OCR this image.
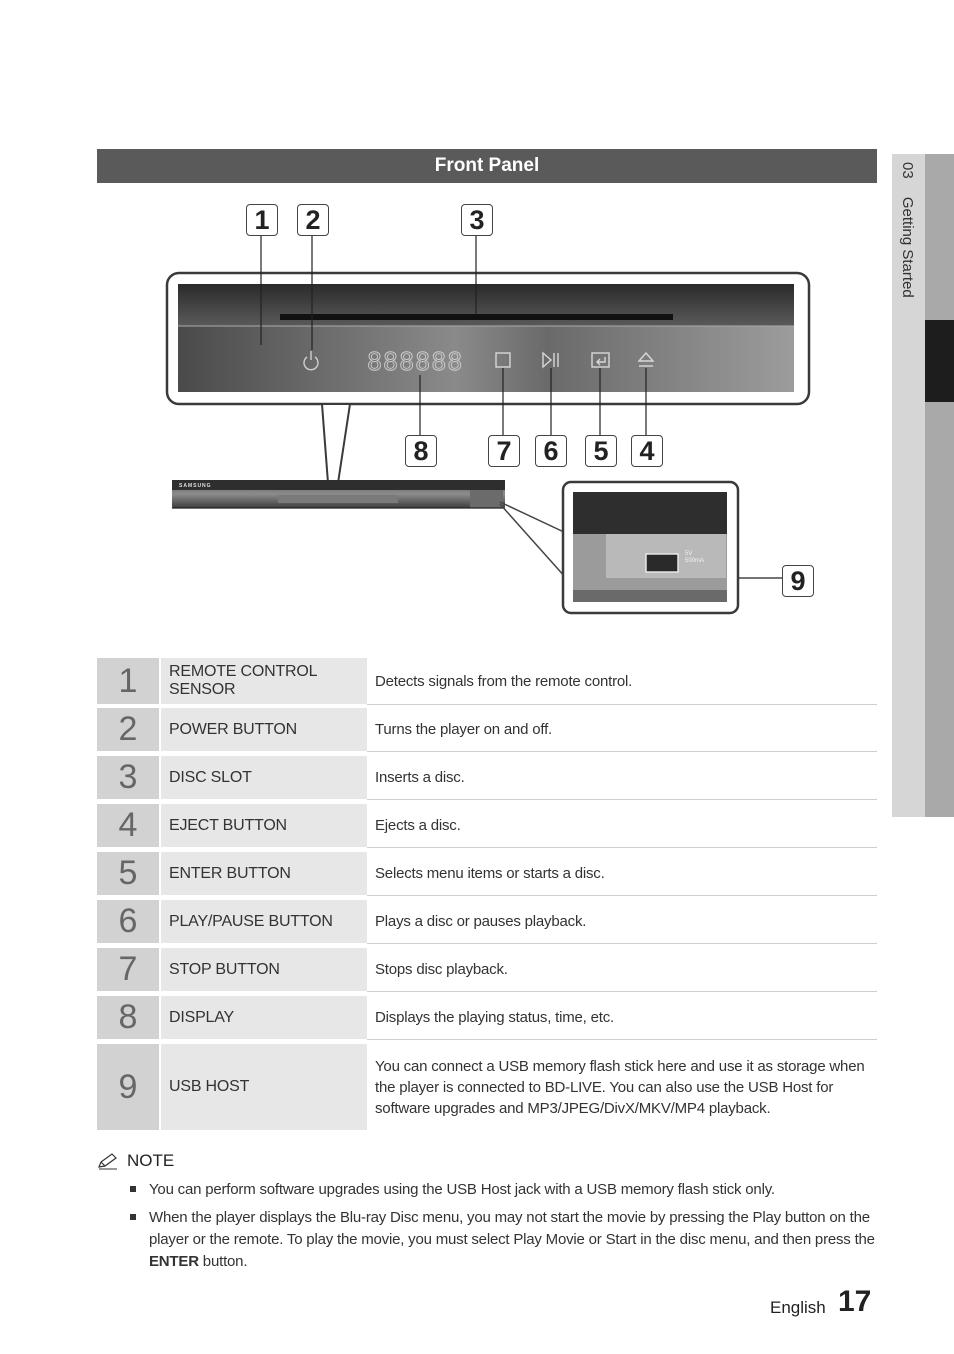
03 Getting Started
Front Panel
888888
SAMSUNG
5V
500mA
1	2	3
4
5
6
7
8
9
1	REMOTE CONTROL SENSOR	Detects signals from the remote control.
2	POWER BUTTON	Turns the player on and off.
3	DISC SLOT	Inserts a disc.
4	EJECT BUTTON	Ejects a disc.
5	ENTER BUTTON	Selects menu items or starts a disc.
6	PLAY/PAUSE BUTTON	Plays a disc or pauses playback.
7	STOP BUTTON	Stops disc playback.
8	DISPLAY	Displays the playing status, time, etc.
9	USB HOST
You can connect a USB memory flash stick here and use it as storage when the player is connected to BD-LIVE. You can also use the USB Host for software upgrades and MP3/JPEG/DivX/MKV/MP4 playback.
NOTE
You can perform software upgrades using the USB Host jack with a USB memory flash stick only.
When the player displays the Blu-ray Disc menu, you may not start the movie by pressing the Play button on the player or the remote. To play the movie, you must select Play Movie or Start in the disc menu, and then press the ENTER button.
English 17
